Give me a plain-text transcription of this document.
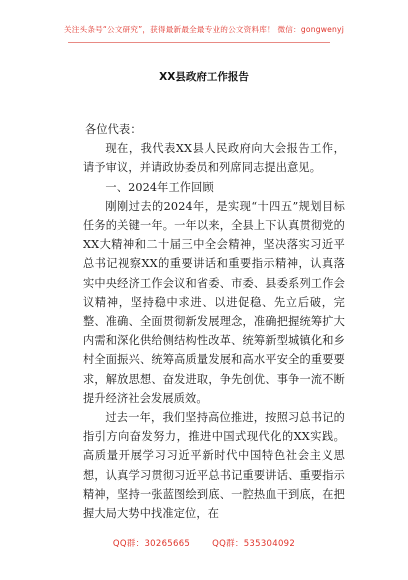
关注头条号“公文研究”，获得最新最全最专业的公文资料库！ 微信：gongwenyj
XX县政府工作报告

各位代表：

现在，我代表XX县人民政府向大会报告工作，请予审议，并请政协委员和列席同志提出意见。

一、2024年工作回顾

刚刚过去的2024年，是实现“十四五”规划目标任务的关键一年。一年以来，全县上下认真贯彻党的XX大精神和二十届三中全会精神，坚决落实习近平总书记视察XX的重要讲话和重要指示精神，认真落实中央经济工作会议和省委、市委、县委系列工作会议精神，坚持稳中求进、以进促稳、先立后破，完整、准确、全面贯彻新发展理念，准确把握统筹扩大内需和深化供给侧结构性改革、统筹新型城镇化和乡村全面振兴、统筹高质量发展和高水平安全的重要要求，解放思想、奋发进取，争先创优、事争一流不断提升经济社会发展质效。

过去一年，我们坚持高位推进，按照习总书记的指引方向奋发努力，推进中国式现代化的XX实践。高质量开展学习习近平新时代中国特色社会主义思想，认真学习贯彻习近平总书记重要讲话、重要指示精神，坚持一张蓝图绘到底、一腔热血干到底，在把握大局大势中找准定位，在

QQ群：30265665	QQ群：535304092
